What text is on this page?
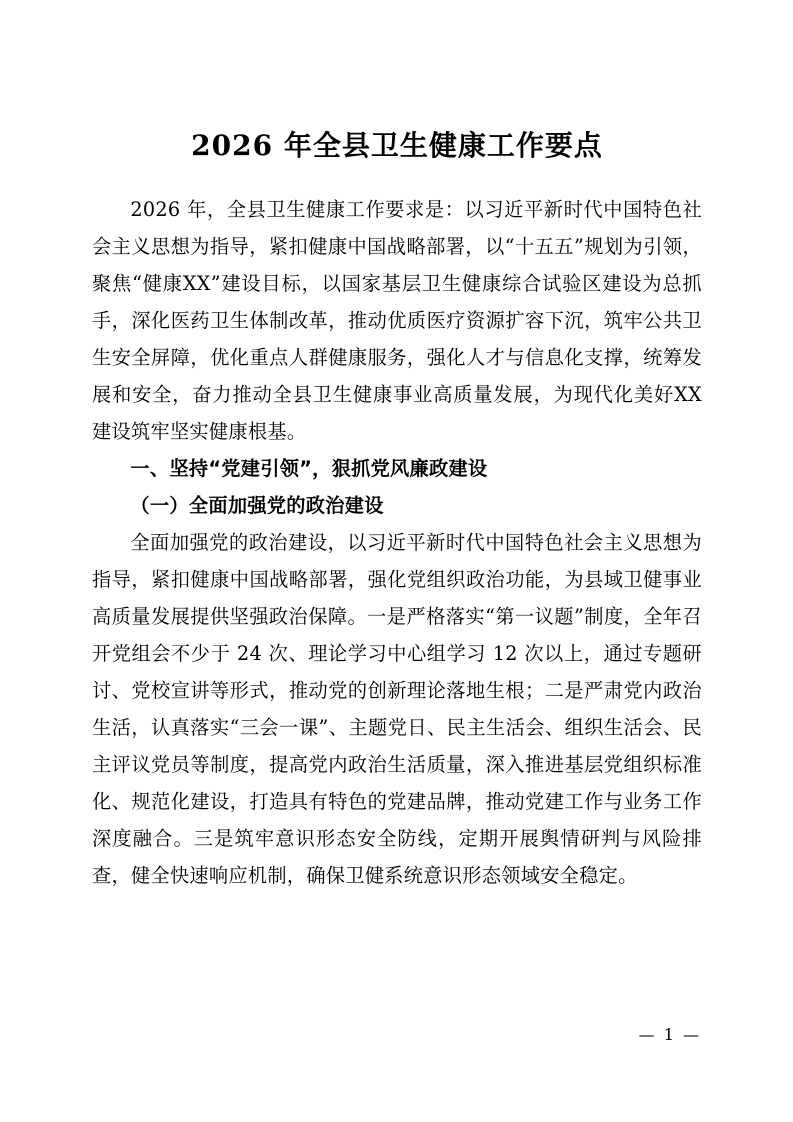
2026 年全县卫生健康工作要点

2026 年，全县卫生健康工作要求是：以习近平新时代中国特色社会主义思想为指导，紧扣健康中国战略部署，以“十五五”规划为引领，聚焦“健康XX”建设目标，以国家基层卫生健康综合试验区建设为总抓手，深化医药卫生体制改革，推动优质医疗资源扩容下沉，筑牢公共卫生安全屏障，优化重点人群健康服务，强化人才与信息化支撑，统筹发展和安全，奋力推动全县卫生健康事业高质量发展，为现代化美好XX建设筑牢坚实健康根基。

一、坚持“党建引领”，狠抓党风廉政建设
（一）全面加强党的政治建设

全面加强党的政治建设，以习近平新时代中国特色社会主义思想为指导，紧扣健康中国战略部署，强化党组织政治功能，为县域卫健事业高质量发展提供坚强政治保障。一是严格落实“第一议题”制度，全年召开党组会不少于 24 次、理论学习中心组学习 12 次以上，通过专题研讨、党校宣讲等形式，推动党的创新理论落地生根；二是严肃党内政治生活，认真落实“三会一课”、主题党日、民主生活会、组织生活会、民主评议党员等制度，提高党内政治生活质量，深入推进基层党组织标准化、规范化建设，打造具有特色的党建品牌，推动党建工作与业务工作深度融合。三是筑牢意识形态安全防线，定期开展舆情研判与风险排查，健全快速响应机制，确保卫健系统意识形态领域安全稳定。

— 1 —
